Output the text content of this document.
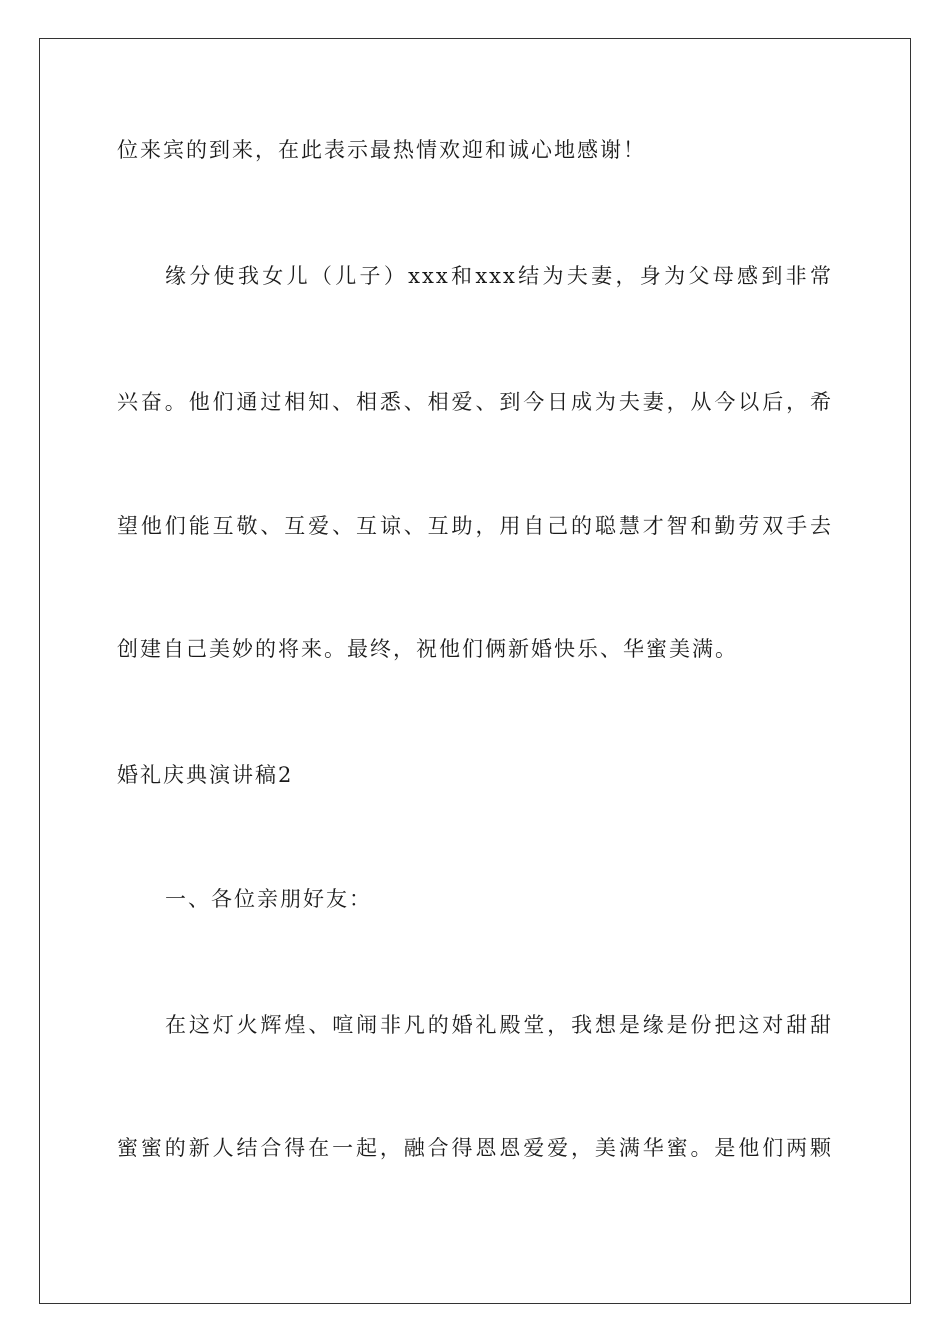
位来宾的到来，在此表示最热情欢迎和诚心地感谢！
缘分使我女儿（儿子）xxx和xxx结为夫妻，身为父母感到非常
兴奋。他们通过相知、相悉、相爱、到今日成为夫妻，从今以后，希
望他们能互敬、互爱、互谅、互助，用自己的聪慧才智和勤劳双手去
创建自己美妙的将来。最终，祝他们俩新婚快乐、华蜜美满。
婚礼庆典演讲稿2
一、各位亲朋好友：
在这灯火辉煌、喧闹非凡的婚礼殿堂，我想是缘是份把这对甜甜
蜜蜜的新人结合得在一起，融合得恩恩爱爱，美满华蜜。是他们两颗
